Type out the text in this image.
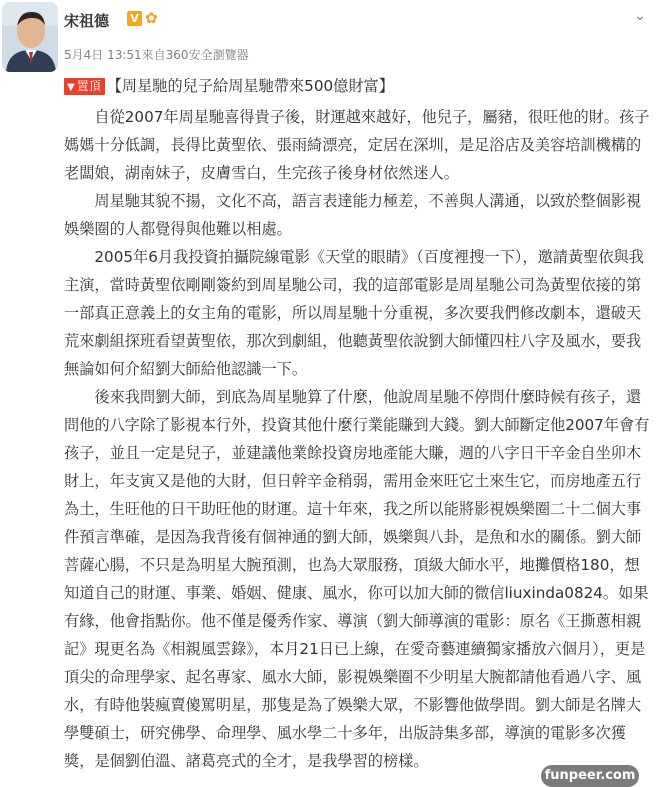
宋祖德 V ✿	⌄
5月4日 13:51來自360安全瀏覽器

▼ 置頂 【周星馳的兒子給周星馳帶來500億財富】

自從2007年周星馳喜得貴子後，財運越來越好，他兒子，屬豬，很旺他的財。孩子媽媽十分低調，長得比黃聖依、張雨綺漂亮，定居在深圳，是足浴店及美容培訓機構的老闆娘，湖南妹子，皮膚雪白，生完孩子後身材依然迷人。

周星馳其貌不揚，文化不高，語言表達能力極差，不善與人溝通，以致於整個影視娛樂圈的人都覺得與他難以相處。

2005年6月我投資拍攝院線電影《天堂的眼睛》（百度裡搜一下），邀請黃聖依與我主演，當時黃聖依剛剛簽約到周星馳公司，我的這部電影是周星馳公司為黃聖依接的第一部真正意義上的女主角的電影，所以周星馳十分重視，多次要我們修改劇本，還破天荒來劇組探班看望黃聖依，那次到劇組，他聽黃聖依說劉大師懂四柱八字及風水，要我無論如何介紹劉大師給他認識一下。

後來我問劉大師，到底為周星馳算了什麼，他說周星馳不停問什麼時候有孩子，還問他的八字除了影視本行外，投資其他什麼行業能賺到大錢。劉大師斷定他2007年會有孩子，並且一定是兒子，並建議他業餘投資房地產能大賺，週的八字日干辛金自坐卯木財上，年支寅又是他的大財，但日幹辛金稍弱，需用金來旺它土來生它，而房地產五行為土，生旺他的日干助旺他的財運。這十年來，我之所以能將影視娛樂圈二十二個大事件預言準確，是因為我背後有個神通的劉大師，娛樂與八卦，是魚和水的關係。劉大師菩薩心腸，不只是為明星大腕預測，也為大眾服務，頂級大師水平，地攤價格180，想知道自己的財運、事業、婚姻、健康、風水，你可以加大師的微信liuxinda0824。如果有緣，他會指點你。他不僅是優秀作家、導演（劉大師導演的電影：原名《王撕蔥相親記》現更名為《相親風雲錄》，本月21日已上線，在愛奇藝連續獨家播放六個月），更是頂尖的命理學家、起名專家、風水大師，影視娛樂圈不少明星大腕都請他看過八字、風水，有時他裝瘋賣傻罵明星，那隻是為了娛樂大眾，不影響他做學問。劉大師是名牌大學雙碩士，研究佛學、命理學、風水學二十多年，出版詩集多部，導演的電影多次獲獎，是個劉伯溫、諸葛亮式的全才，是我學習的榜樣。

funpeer.com
